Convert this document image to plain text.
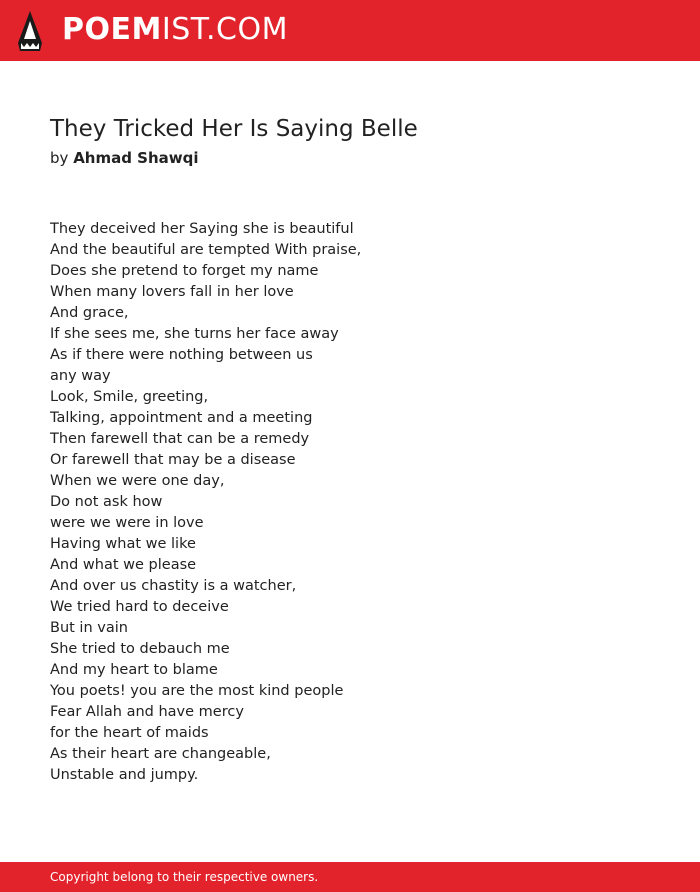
POEMIST.COM
They Tricked Her Is Saying Belle
by Ahmad Shawqi
They deceived her Saying she is beautiful
And the beautiful are tempted With praise,
Does she pretend to forget my name
When many lovers fall in her love
And grace,
If she sees me, she turns her face away
As if there were nothing between us
any way
Look, Smile, greeting,
Talking, appointment and a meeting
Then farewell that can be a remedy
Or farewell that may be a disease
When we were one day,
Do not ask how
were we were in love
Having what we like
And what we please
And over us chastity is a watcher,
We tried hard to deceive
But in vain
She tried to debauch me
And my heart to blame
You poets! you are the most kind people
Fear Allah and have mercy
for the heart of maids
As their heart are changeable,
Unstable and jumpy.
Copyright belong to their respective owners.
